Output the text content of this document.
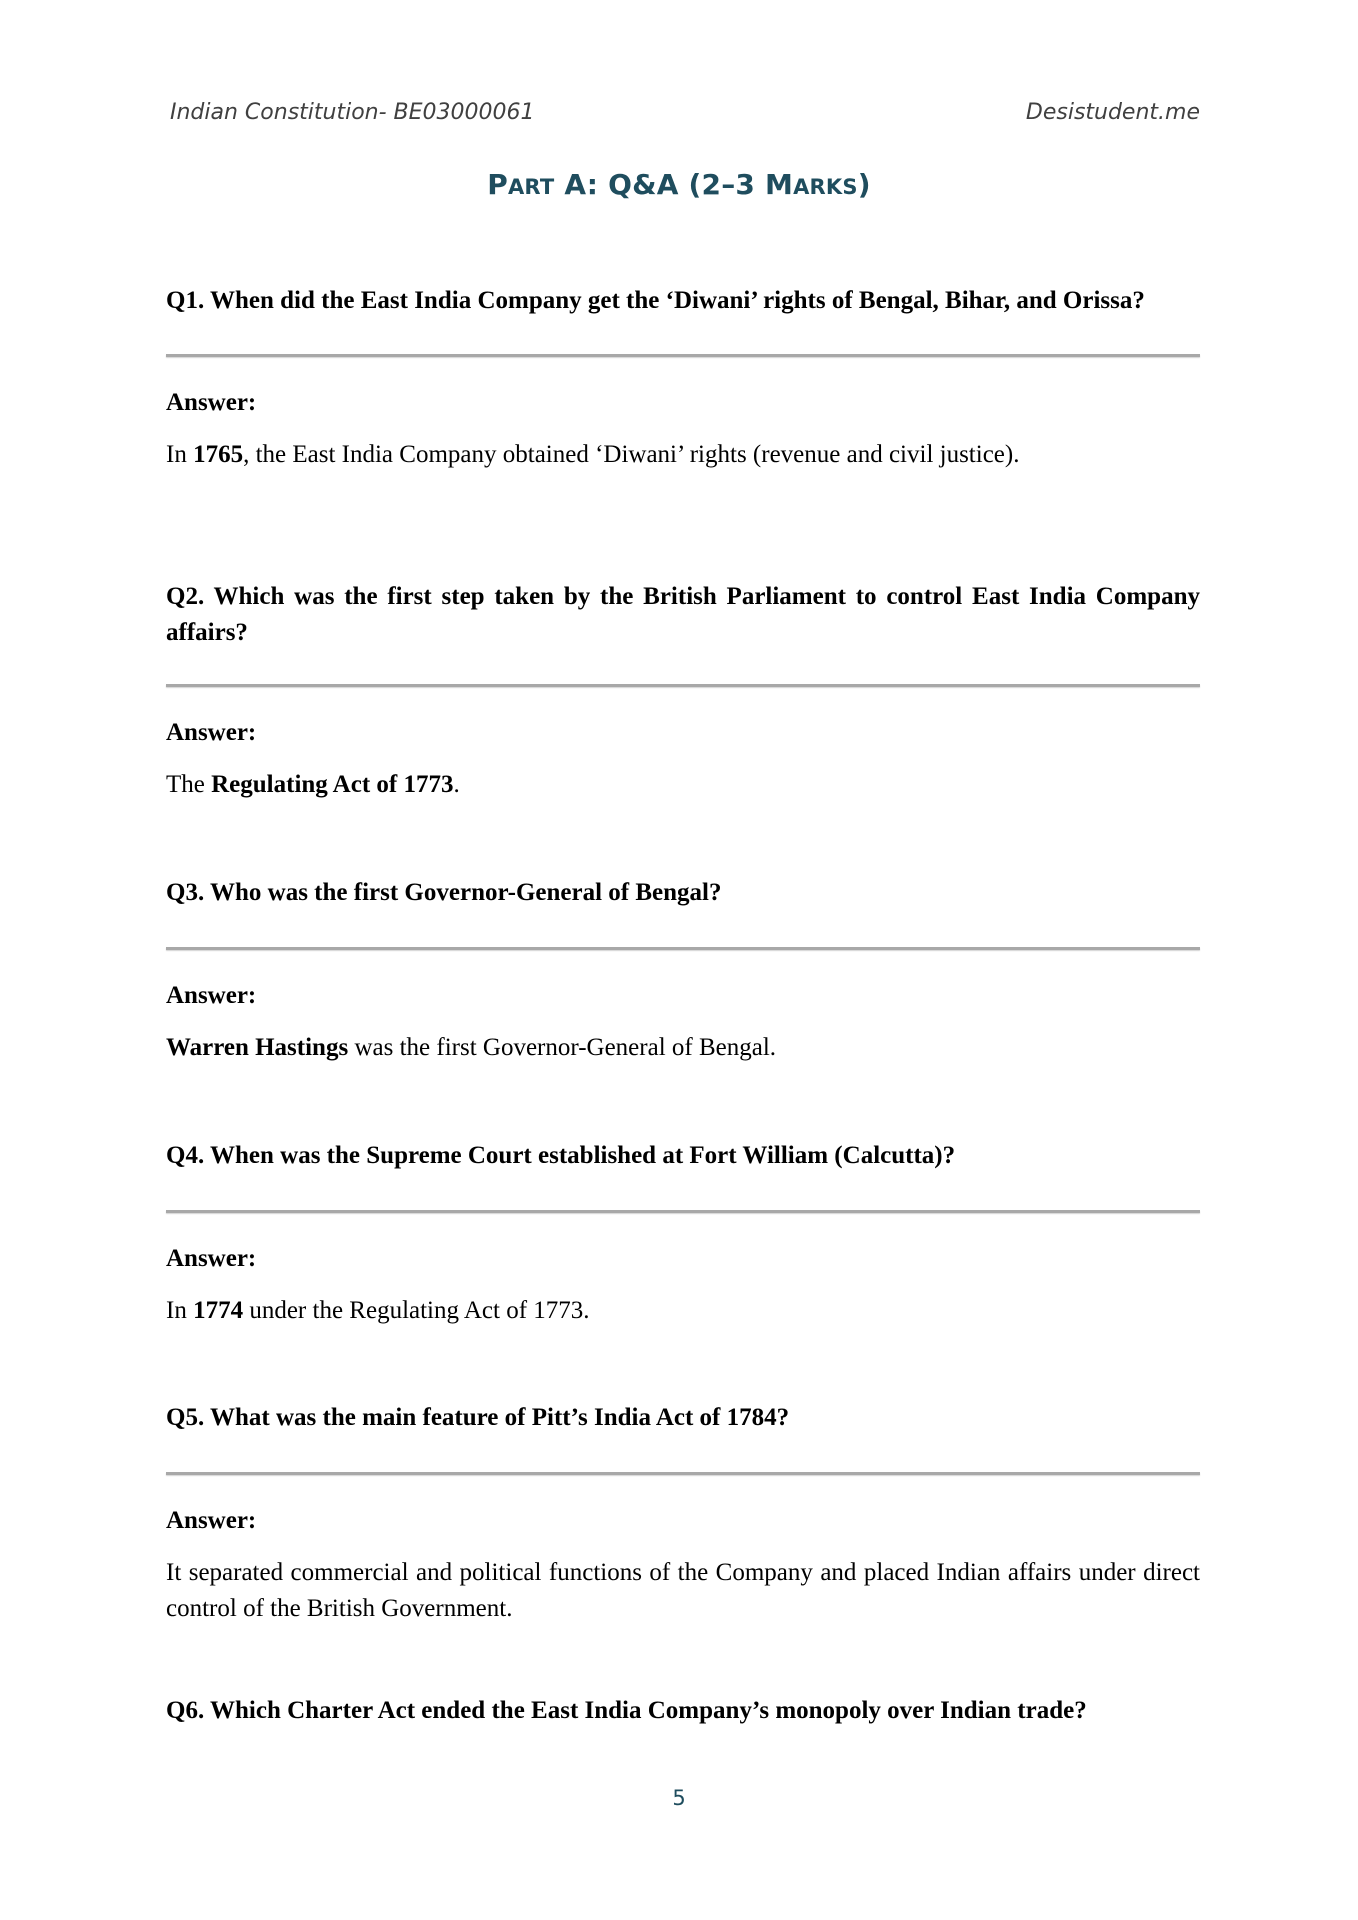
Indian Constitution- BE03000061	Desistudent.me
PART A: Q&A (2–3 MARKS)

Q1. When did the East India Company get the ‘Diwani’ rights of Bengal, Bihar, and Orissa?

Answer:

In 1765, the East India Company obtained ‘Diwani’ rights (revenue and civil justice).

Q2. Which was the first step taken by the British Parliament to control East India Company affairs?

Answer:

The Regulating Act of 1773.

Q3. Who was the first Governor-General of Bengal?

Answer:

Warren Hastings was the first Governor-General of Bengal.

Q4. When was the Supreme Court established at Fort William (Calcutta)?

Answer:

In 1774 under the Regulating Act of 1773.

Q5. What was the main feature of Pitt’s India Act of 1784?

Answer:

It separated commercial and political functions of the Company and placed Indian affairs under direct control of the British Government.

Q6. Which Charter Act ended the East India Company’s monopoly over Indian trade?

5
